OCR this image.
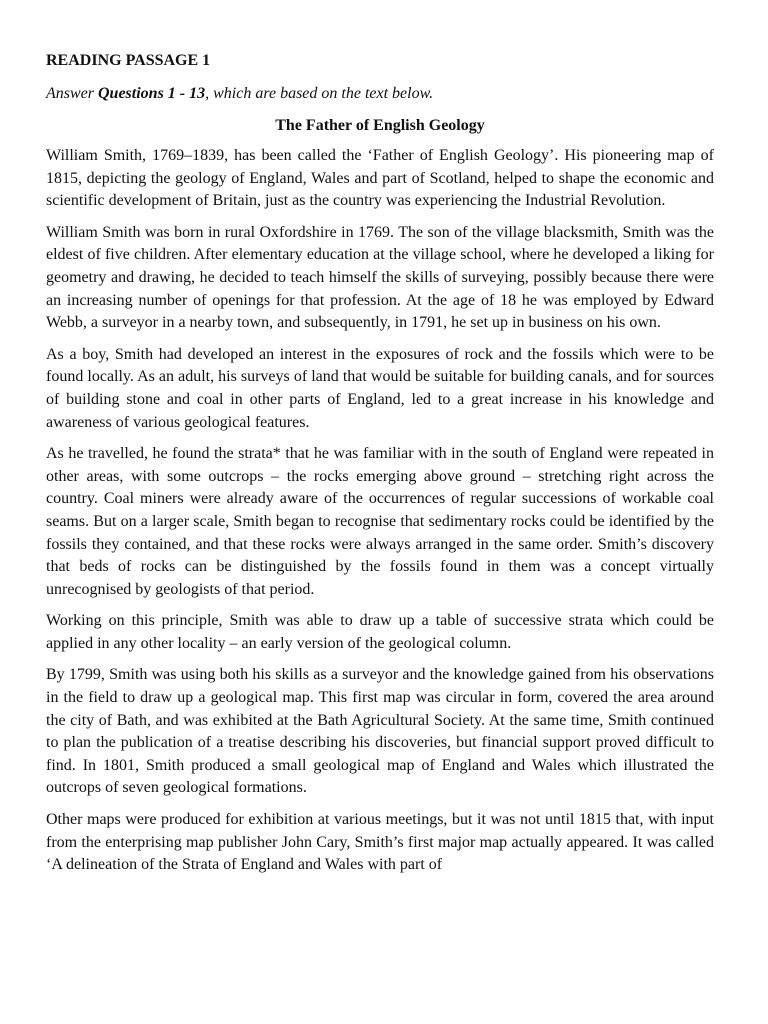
READING PASSAGE 1
Answer Questions 1 - 13, which are based on the text below.
The Father of English Geology

William Smith, 1769–1839, has been called the ‘Father of English Geology’. His pioneering map of 1815, depicting the geology of England, Wales and part of Scotland, helped to shape the economic and scientific development of Britain, just as the country was experiencing the Industrial Revolution.

William Smith was born in rural Oxfordshire in 1769. The son of the village blacksmith, Smith was the eldest of five children. After elementary education at the village school, where he developed a liking for geometry and drawing, he decided to teach himself the skills of surveying, possibly because there were an increasing number of openings for that profession. At the age of 18 he was employed by Edward Webb, a surveyor in a nearby town, and subsequently, in 1791, he set up in business on his own.

As a boy, Smith had developed an interest in the exposures of rock and the fossils which were to be found locally. As an adult, his surveys of land that would be suitable for building canals, and for sources of building stone and coal in other parts of England, led to a great increase in his knowledge and awareness of various geological features.

As he travelled, he found the strata* that he was familiar with in the south of England were repeated in other areas, with some outcrops – the rocks emerging above ground – stretching right across the country. Coal miners were already aware of the occurrences of regular successions of workable coal seams. But on a larger scale, Smith began to recognise that sedimentary rocks could be identified by the fossils they contained, and that these rocks were always arranged in the same order. Smith’s discovery that beds of rocks can be distinguished by the fossils found in them was a concept virtually unrecognised by geologists of that period.

Working on this principle, Smith was able to draw up a table of successive strata which could be applied in any other locality – an early version of the geological column.

By 1799, Smith was using both his skills as a surveyor and the knowledge gained from his observations in the field to draw up a geological map. This first map was circular in form, covered the area around the city of Bath, and was exhibited at the Bath Agricultural Society. At the same time, Smith continued to plan the publication of a treatise describing his discoveries, but financial support proved difficult to find. In 1801, Smith produced a small geological map of England and Wales which illustrated the outcrops of seven geological formations.

Other maps were produced for exhibition at various meetings, but it was not until 1815 that, with input from the enterprising map publisher John Cary, Smith’s first major map actually appeared. It was called ‘A delineation of the Strata of England and Wales with part of
